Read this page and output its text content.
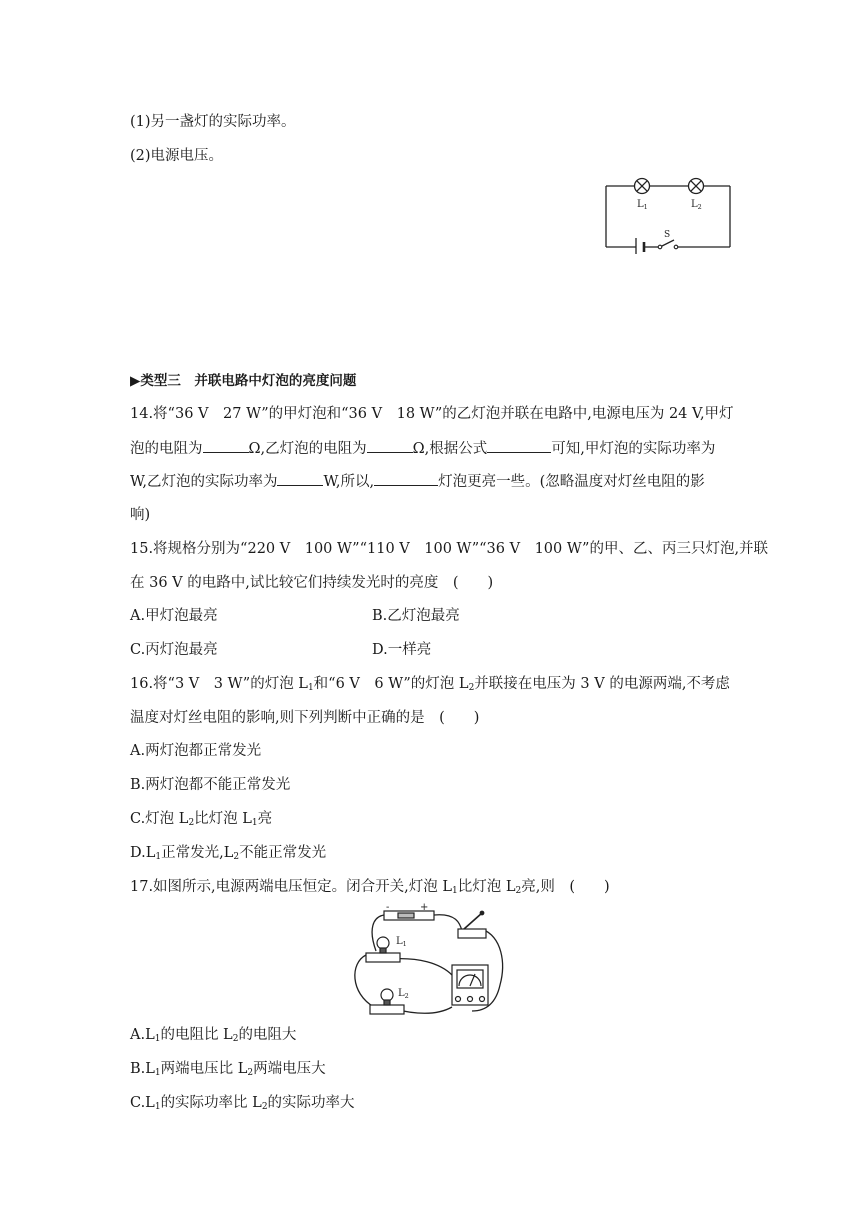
(1)另一盏灯的实际功率。
(2)电源电压。
$L_1$	$L_2$
S
▶类型三　并联电路中灯泡的亮度问题
14.将“36 V　27 W”的甲灯泡和“36 V　18 W”的乙灯泡并联在电路中,电源电压为 24 V,甲灯
泡的电阻为	Ω,乙灯泡的电阻为	Ω,根据公式	可知,甲灯泡的实际功率为
W,乙灯泡的实际功率为	W,所以,	灯泡更亮一些。(忽略温度对灯丝电阻的影
响)
15.将规格分别为“220 V　100 W”“110 V　100 W”“36 V　100 W”的甲、乙、丙三只灯泡,并联
在 36 V 的电路中,试比较它们持续发光时的亮度　(　　)
A.甲灯泡最亮	B.乙灯泡最亮
C.丙灯泡最亮	D.一样亮
16.将“3 V　3 W”的灯泡 $L_1$和“6 V　6 W”的灯泡 $L_2$并联接在电压为 3 V 的电源两端,不考虑
温度对灯丝电阻的影响,则下列判断中正确的是　(　　)
A.两灯泡都正常发光
B.两灯泡都不能正常发光
C.灯泡 $L_2$比灯泡 $L_1$亮
$D.L_1$正常发光$,L_2$不能正常发光
17.如图所示,电源两端电压恒定。闭合开关,灯泡 $L_1$比灯泡 $L_2$亮,则　(　　)
-	+
$L_1$
$L_2$
$A.L_1$的电阻比 $L_2$的电阻大
$B.L_1$两端电压比 $L_2$两端电压大
$C.L_1$的实际功率比 $L_2$的实际功率大
